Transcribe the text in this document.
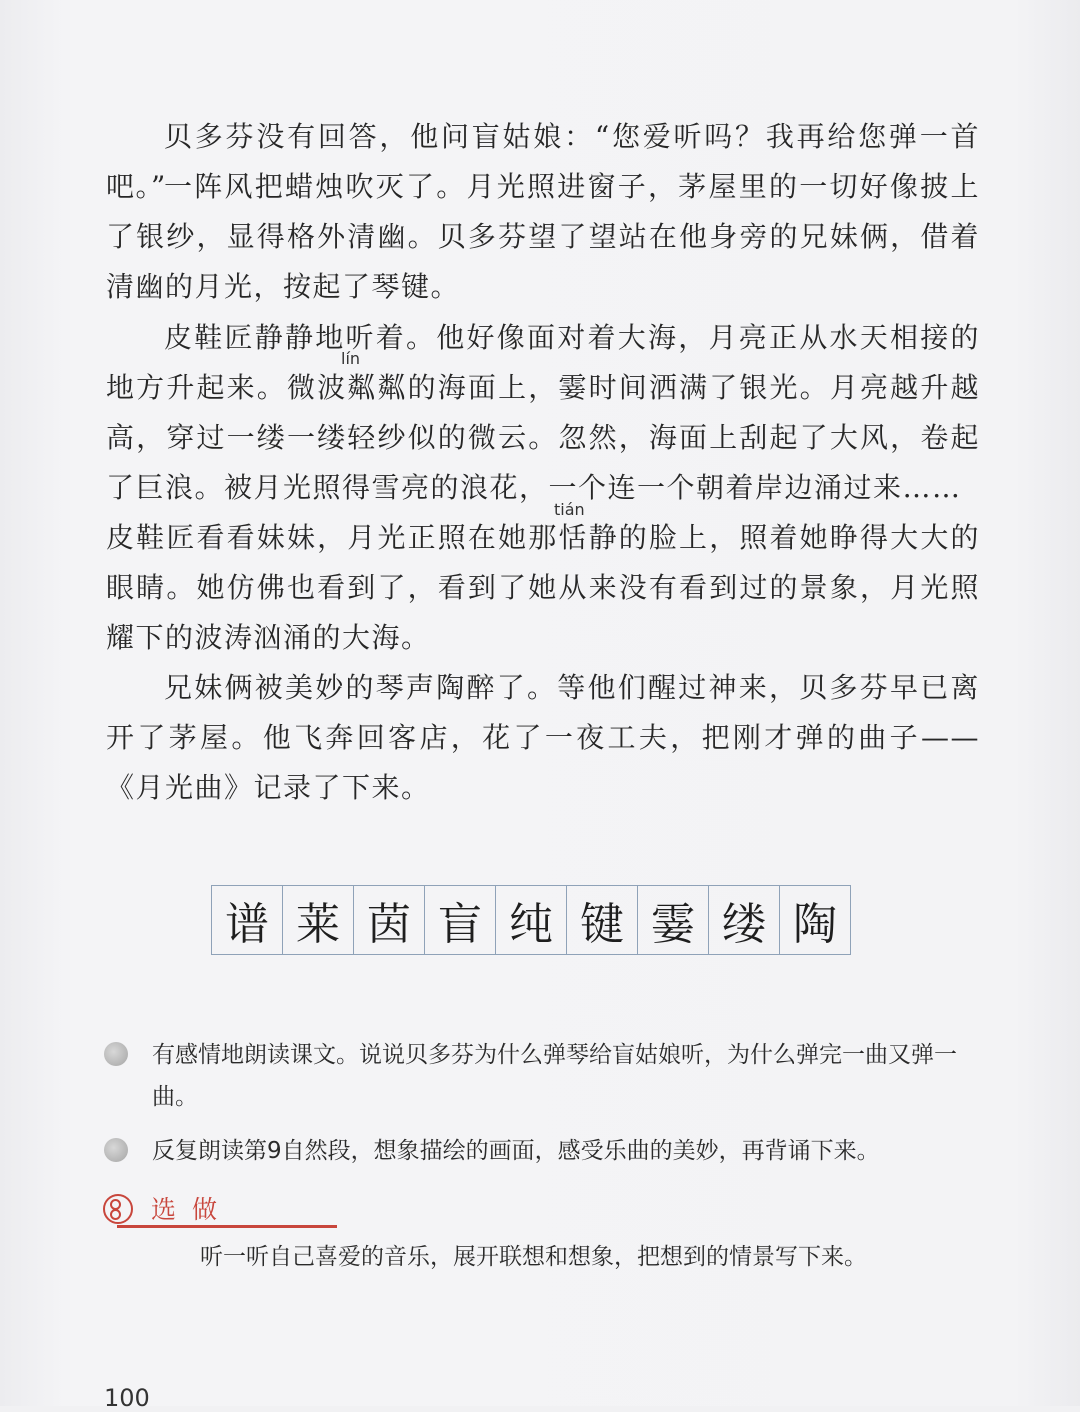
贝多芬没有回答，他问盲姑娘：“您爱听吗？我再给您弹一首吧。”

一阵风把蜡烛吹灭了。月光照进窗子，茅屋里的一切好像披上了银纱，显得格外清幽。贝多芬望了望站在他身旁的兄妹俩，借着清幽的月光，按起了琴键。

lín

皮鞋匠静静地听着。他好像面对着大海，月亮正从水天相接的地方升起来。微波粼粼的海面上，霎时间洒满了银光。月亮越升越高，穿过一缕一缕轻纱似的微云。忽然，海面上刮起了大风，卷起了巨浪。被月光照得雪亮的浪花，一个连一个朝着岸边涌过来……

tián

皮鞋匠看看妹妹，月光正照在她那恬静的脸上，照着她睁得大大的眼睛。她仿佛也看到了，看到了她从来没有看到过的景象，月光照耀下的波涛汹涌的大海。

兄妹俩被美妙的琴声陶醉了。等他们醒过神来，贝多芬早已离开了茅屋。他飞奔回客店，花了一夜工夫，把刚才弹的曲子——《月光曲》记录了下来。

谱 莱 茵 盲 纯 键 霎 缕 陶
有感情地朗读课文。说说贝多芬为什么弹琴给盲姑娘听，为什么弹完一曲又弹一曲。
反复朗读第9自然段，想象描绘的画面，感受乐曲的美妙，再背诵下来。
选做
听一听自己喜爱的音乐，展开联想和想象，把想到的情景写下来。
100
